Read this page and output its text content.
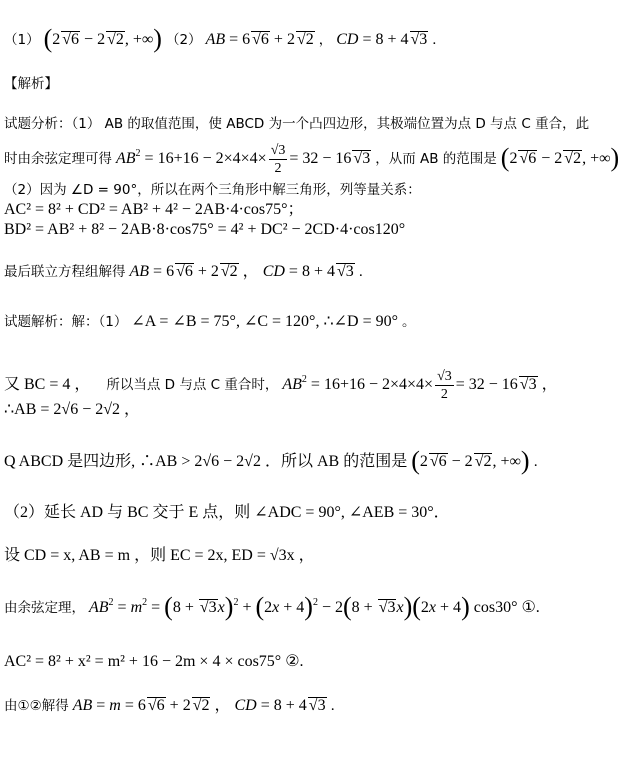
（1） (2√ 6 − 2√ 2, +∞) （2） AB = 6√ 6 + 2√ 2 ， CD = 8 + 4√ 3 ．
【解析】
试题分析：（1） AB 的取值范围，使 ABCD 为一个凸四边形，其极端位置为点 D 与点 C 重合，此
时由余弦定理可得 $AB^2 = 16+16 - 2\times 4\times 4\times \frac{√3}{2} = 32 - 16√$ 3 ，从而 AB 的范围是 (2√ 6 − 2√ 2, +∞)
（2）因为 ∠D = 90°，所以在两个三角形中解三角形，列等量关系：
AC² = 8² + CD² = AB² + 4² − 2AB·4·cos75°；
BD² = AB² + 8² − 2AB·8·cos75° = 4² + DC² − 2CD·4·cos120°
最后联立方程组解得 AB = 6√ 6 + 2√ 2 ， CD = 8 + 4√ 3 ．
试题解析：解：（1） ∠A = ∠B = 75°, ∠C = 120°, ∴∠D = 90° 。
又 BC = 4 ， 所以当点 D 与点 C 重合时， $AB^2 = 16+16 - 2\times 4\times 4\times \frac{√3}{2} = 32 - 16√$ 3 ，
∴AB = 2√6 − 2√2 ，
Q ABCD 是四边形, ∴AB > 2√6 − 2√2 ．所以 AB 的范围是 (2√ 6 − 2√ 2, +∞) ．
（2）延长 AD 与 BC 交于 E 点，则 ∠ADC = 90°, ∠AEB = 30°．
设 CD = x, AB = m ，则 EC = 2x, ED = √3x ，
由余弦定理， $AB^2 = m^2 = (8$ + √ $3x)^2 + (2x + 4)^2 - 2(8$ + √ 3x)(2x + 4) cos30° ①.
AC² = 8² + x² = m² + 16 − 2m × 4 × cos75° ②.
由①②解得 AB = m = 6√ 6 + 2√ 2 ， CD = 8 + 4√ 3 ．
